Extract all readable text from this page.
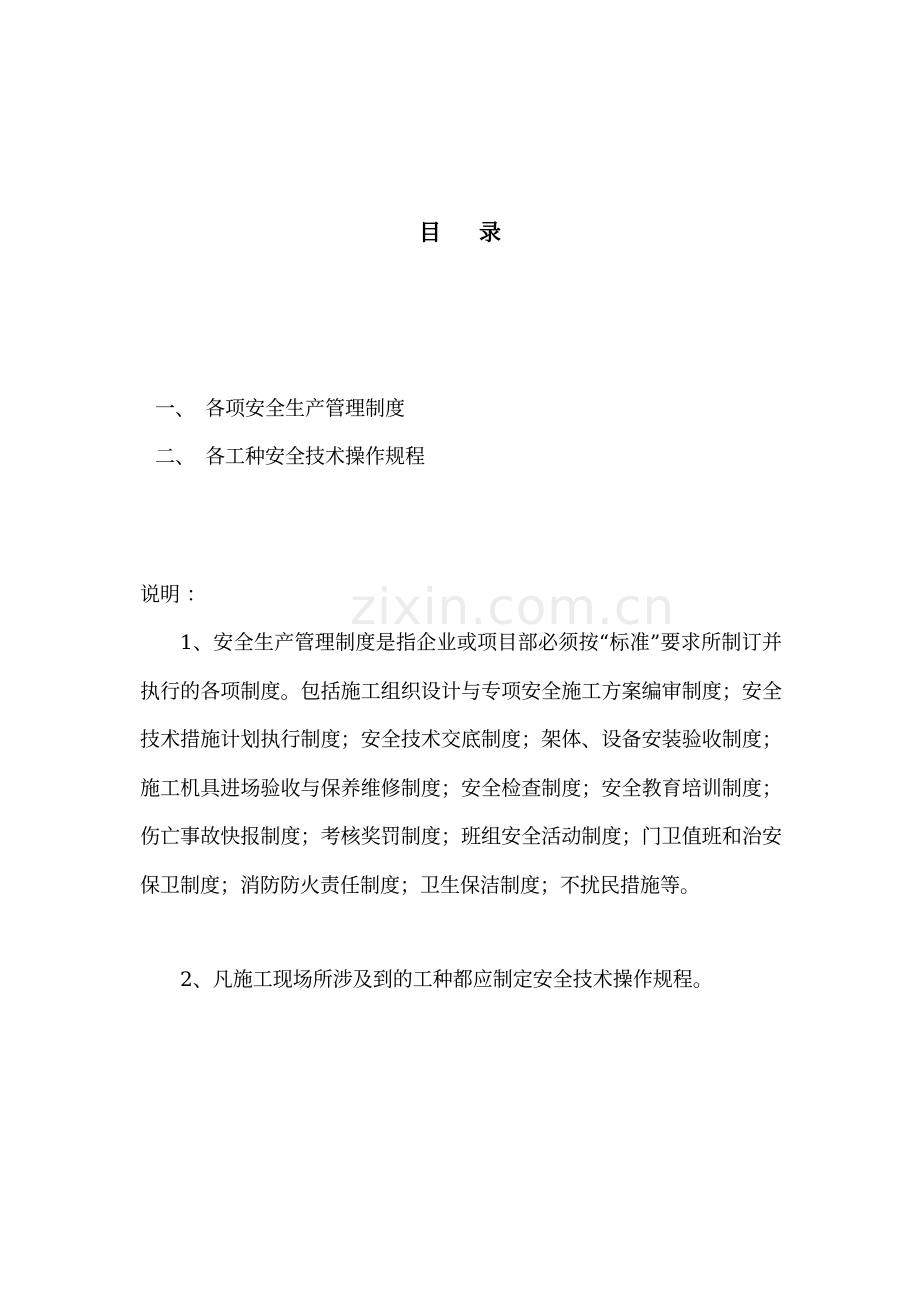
zixin.com.cn
目 录
一、 各项安全生产管理制度
二、 各工种安全技术操作规程
说明 ：

1、安全生产管理制度是指企业或项目部必须按“标准”要求所制订并执行的各项制度。包括施工组织设计与专项安全施工方案编审制度；安全技术措施计划执行制度；安全技术交底制度；架体、设备安装验收制度；施工机具进场验收与保养维修制度；安全检查制度；安全教育培训制度；伤亡事故快报制度；考核奖罚制度；班组安全活动制度；门卫值班和治安保卫制度；消防防火责任制度；卫生保洁制度；不扰民措施等。

2、凡施工现场所涉及到的工种都应制定安全技术操作规程。
